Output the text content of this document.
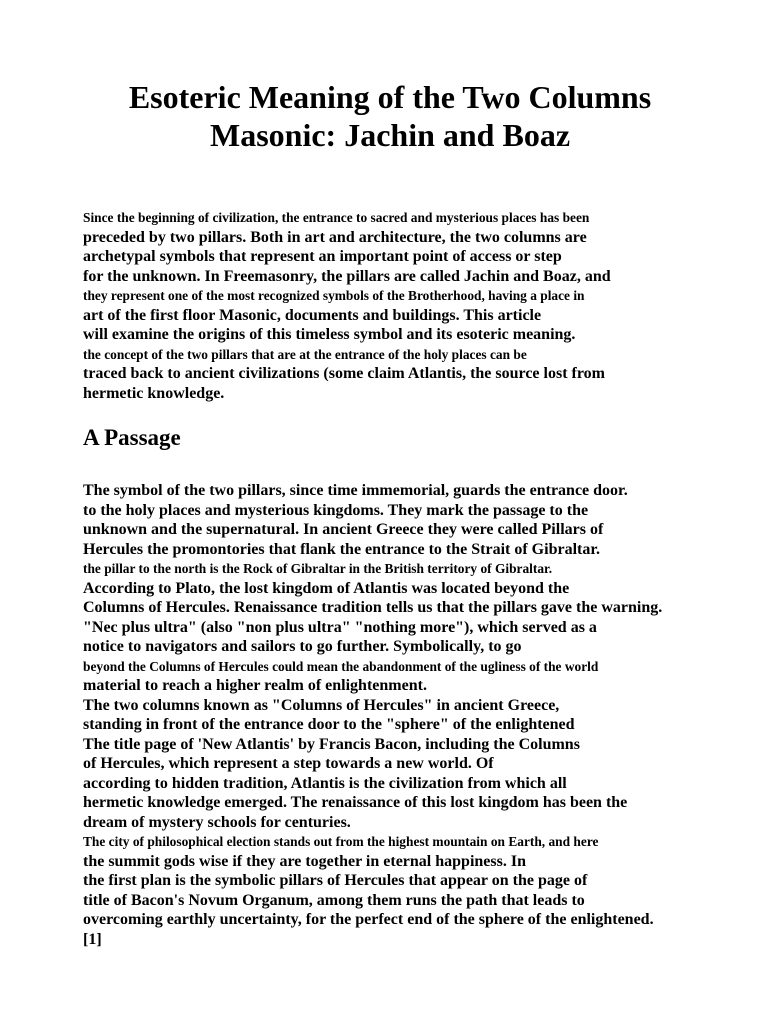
Esoteric Meaning of the Two Columns
Masonic: Jachin and Boaz
Since the beginning of civilization, the entrance to sacred and mysterious places has been
preceded by two pillars. Both in art and architecture, the two columns are
archetypal symbols that represent an important point of access or step
for the unknown. In Freemasonry, the pillars are called Jachin and Boaz, and
they represent one of the most recognized symbols of the Brotherhood, having a place in
art of the first floor Masonic, documents and buildings. This article
will examine the origins of this timeless symbol and its esoteric meaning.
the concept of the two pillars that are at the entrance of the holy places can be
traced back to ancient civilizations (some claim Atlantis, the source lost from
hermetic knowledge.
A Passage
The symbol of the two pillars, since time immemorial, guards the entrance door.
to the holy places and mysterious kingdoms. They mark the passage to the
unknown and the supernatural. In ancient Greece they were called Pillars of
Hercules the promontories that flank the entrance to the Strait of Gibraltar.
the pillar to the north is the Rock of Gibraltar in the British territory of Gibraltar.
According to Plato, the lost kingdom of Atlantis was located beyond the
Columns of Hercules. Renaissance tradition tells us that the pillars gave the warning.
"Nec plus ultra" (also "non plus ultra" "nothing more"), which served as a
notice to navigators and sailors to go further. Symbolically, to go
beyond the Columns of Hercules could mean the abandonment of the ugliness of the world
material to reach a higher realm of enlightenment.
The two columns known as "Columns of Hercules" in ancient Greece,
standing in front of the entrance door to the "sphere" of the enlightened
The title page of 'New Atlantis' by Francis Bacon, including the Columns
of Hercules, which represent a step towards a new world. Of
according to hidden tradition, Atlantis is the civilization from which all
hermetic knowledge emerged. The renaissance of this lost kingdom has been the
dream of mystery schools for centuries.
The city of philosophical election stands out from the highest mountain on Earth, and here
the summit gods wise if they are together in eternal happiness. In
the first plan is the symbolic pillars of Hercules that appear on the page of
title of Bacon's Novum Organum, among them runs the path that leads to
overcoming earthly uncertainty, for the perfect end of the sphere of the enlightened.
[1]
